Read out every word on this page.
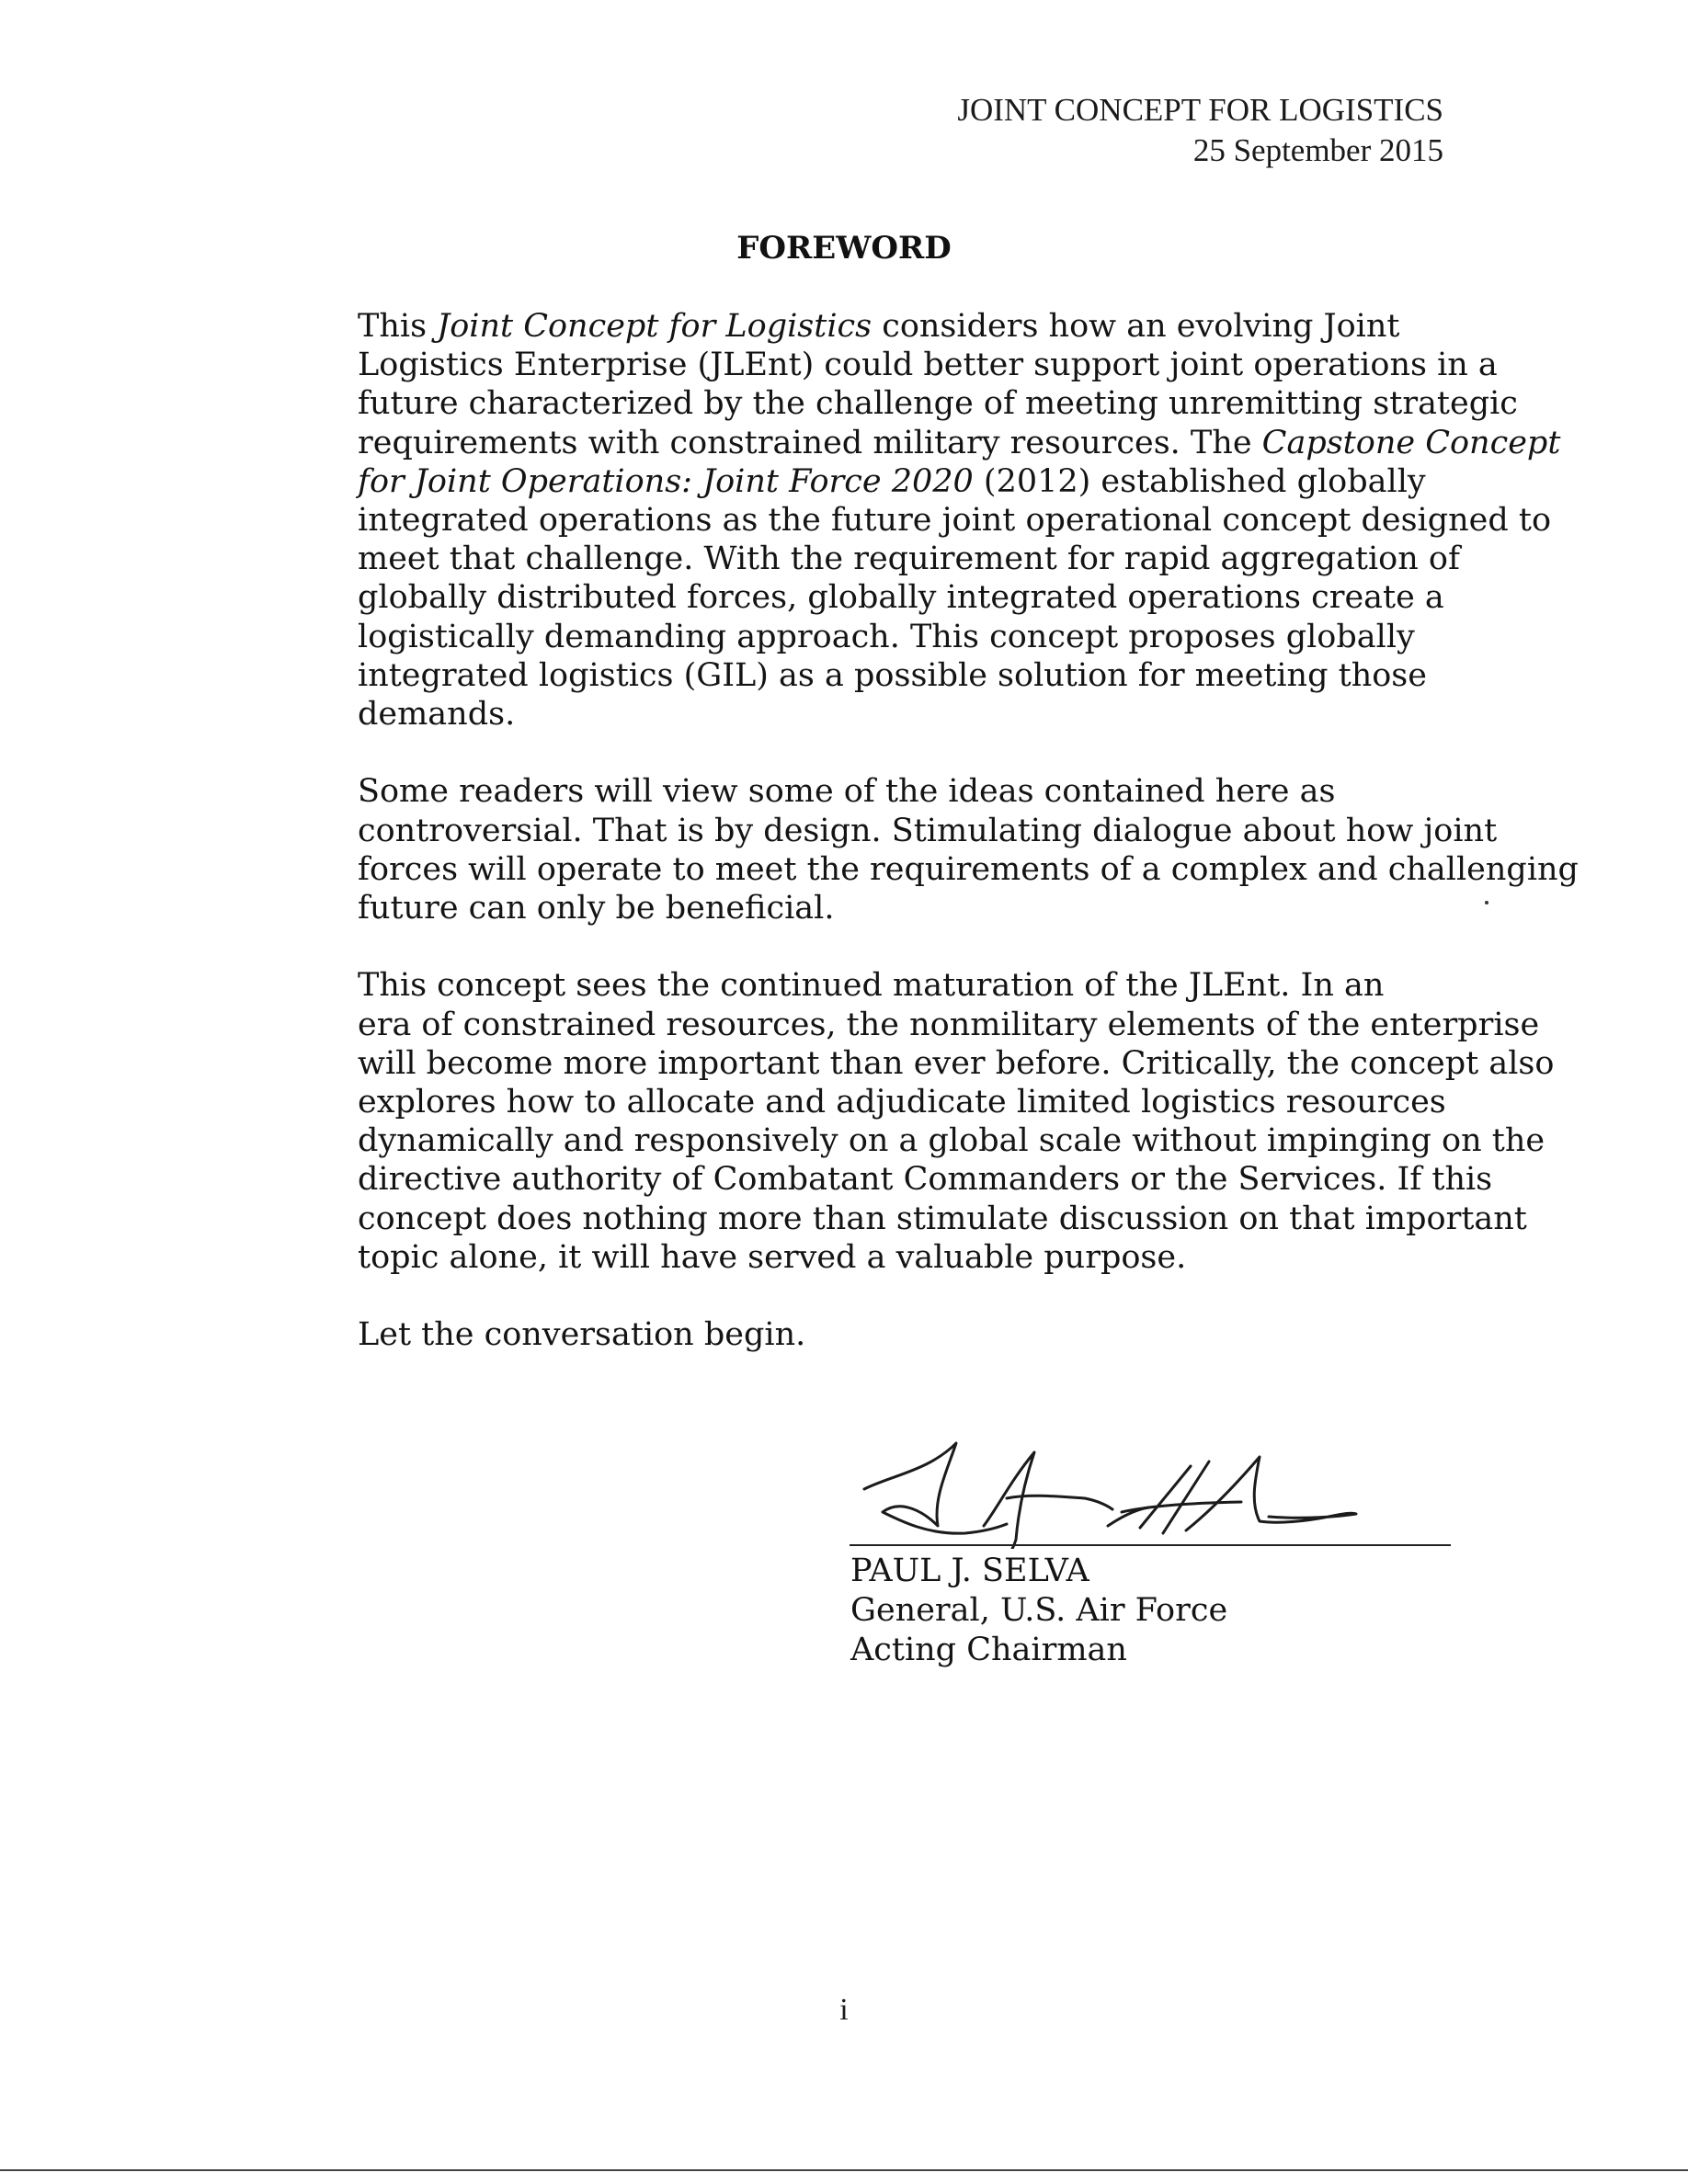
JOINT CONCEPT FOR LOGISTICS
25 September 2015
FOREWORD

This Joint Concept for Logistics considers how an evolving Joint
Logistics Enterprise (JLEnt) could better support joint operations in a
future characterized by the challenge of meeting unremitting strategic
requirements with constrained military resources. The Capstone Concept
for Joint Operations: Joint Force 2020 (2012) established globally
integrated operations as the future joint operational concept designed to
meet that challenge. With the requirement for rapid aggregation of
globally distributed forces, globally integrated operations create a
logistically demanding approach. This concept proposes globally
integrated logistics (GIL) as a possible solution for meeting those
demands.

Some readers will view some of the ideas contained here as
controversial. That is by design. Stimulating dialogue about how joint
forces will operate to meet the requirements of a complex and challenging
future can only be beneficial.

This concept sees the continued maturation of the JLEnt. In an
era of constrained resources, the nonmilitary elements of the enterprise
will become more important than ever before. Critically, the concept also
explores how to allocate and adjudicate limited logistics resources
dynamically and responsively on a global scale without impinging on the
directive authority of Combatant Commanders or the Services. If this
concept does nothing more than stimulate discussion on that important
topic alone, it will have served a valuable purpose.

Let the conversation begin.

PAUL J. SELVA
General, U.S. Air Force
Acting Chairman
i
